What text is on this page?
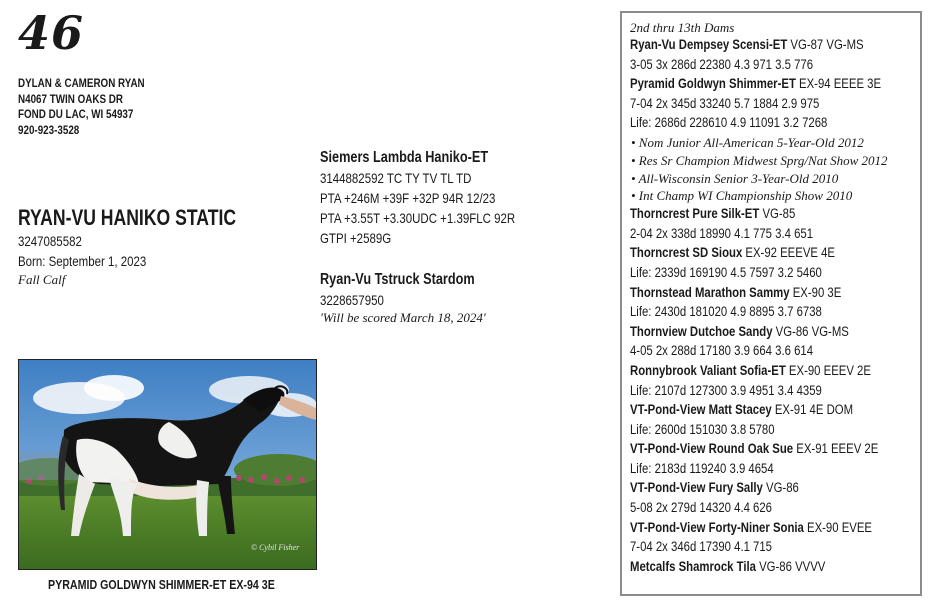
46
DYLAN & CAMERON RYAN
N4067 TWIN OAKS DR
FOND DU LAC, WI 54937
920-923-3528
RYAN-VU HANIKO STATIC
3247085582
Born: September 1, 2023
Fall Calf
Siemers Lambda Haniko-ET
3144882592 TC TY TV TL TD
PTA +246M +39F +32P 94R 12/23
PTA +3.55T +3.30UDC +1.39FLC 92R
GTPI +2589G
Ryan-Vu Tstruck Stardom
3228657950
'Will be scored March 18, 2024'
© Cybil Fisher
PYRAMID GOLDWYN SHIMMER-ET EX-94 3E
2nd thru 13th Dams
Ryan-Vu Dempsey Scensi-ET VG-87 VG-MS
3-05 3x 286d 22380 4.3 971 3.5 776
Pyramid Goldwyn Shimmer-ET EX-94 EEEE 3E
7-04 2x 345d 33240 5.7 1884 2.9 975
Life: 2686d 228610 4.9 11091 3.2 7268
• Nom Junior All-American 5-Year-Old 2012
• Res Sr Champion Midwest Sprg/Nat Show 2012
• All-Wisconsin Senior 3-Year-Old 2010
• Int Champ WI Championship Show 2010
Thorncrest Pure Silk-ET VG-85
2-04 2x 338d 18990 4.1 775 3.4 651
Thorncrest SD Sioux EX-92 EEEVE 4E
Life: 2339d 169190 4.5 7597 3.2 5460
Thornstead Marathon Sammy EX-90 3E
Life: 2430d 181020 4.9 8895 3.7 6738
Thornview Dutchoe Sandy VG-86 VG-MS
4-05 2x 288d 17180 3.9 664 3.6 614
Ronnybrook Valiant Sofia-ET EX-90 EEEV 2E
Life: 2107d 127300 3.9 4951 3.4 4359
VT-Pond-View Matt Stacey EX-91 4E DOM
Life: 2600d 151030 3.8 5780
VT-Pond-View Round Oak Sue EX-91 EEEV 2E
Life: 2183d 119240 3.9 4654
VT-Pond-View Fury Sally VG-86
5-08 2x 279d 14320 4.4 626
VT-Pond-View Forty-Niner Sonia EX-90 EVEE
7-04 2x 346d 17390 4.1 715
Metcalfs Shamrock Tila VG-86 VVVV
